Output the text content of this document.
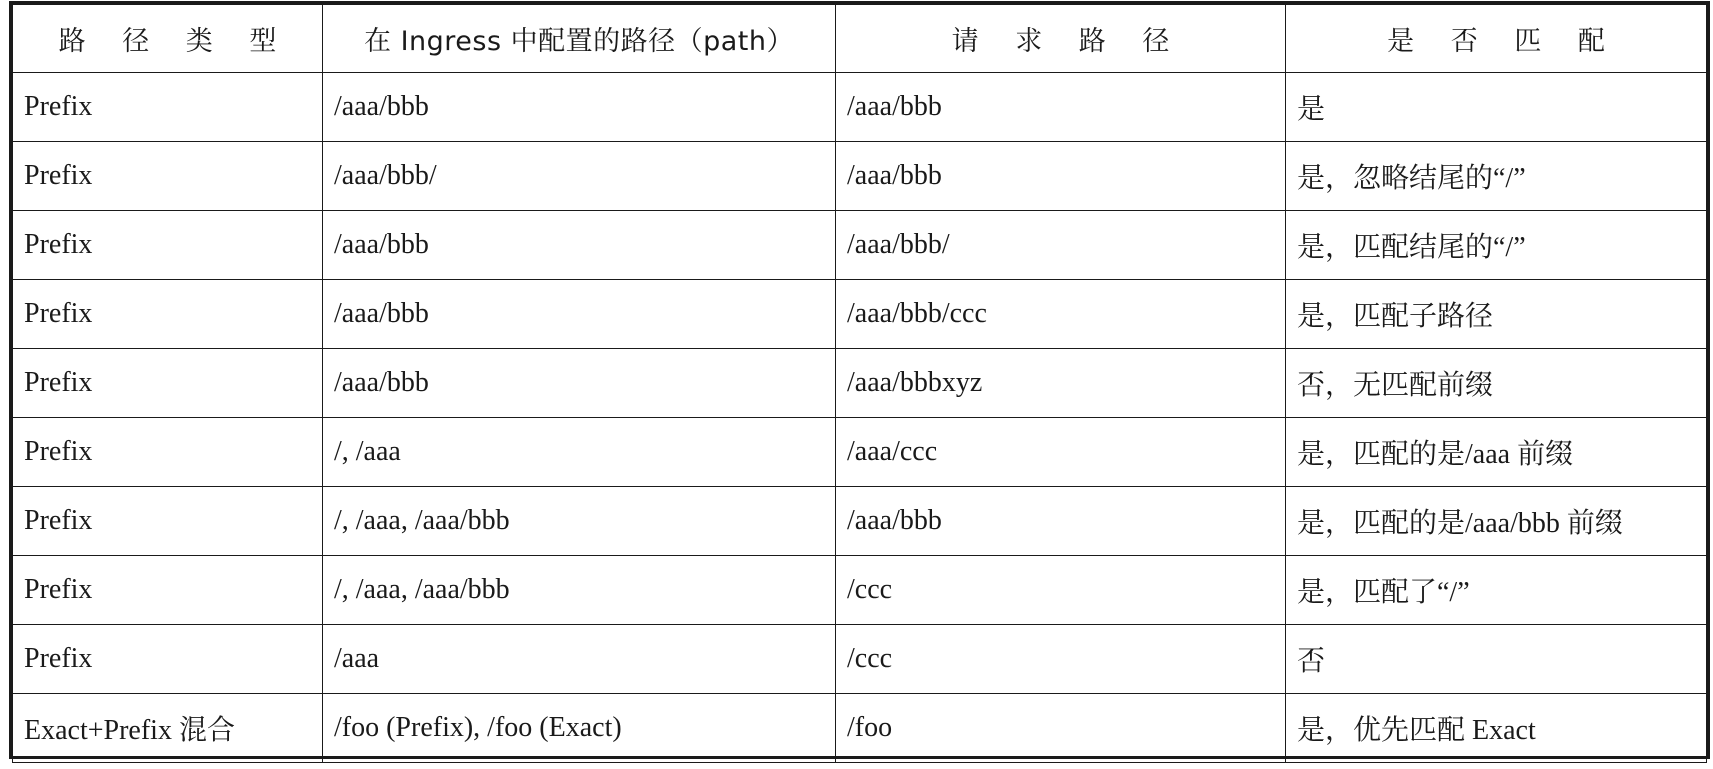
路 径 类 型	在 Ingress 中配置的路径（path）	请 求 路 径	是 否 匹 配
Prefix	/aaa/bbb	/aaa/bbb	是
Prefix	/aaa/bbb/	/aaa/bbb	是，忽略结尾的“/”
Prefix	/aaa/bbb	/aaa/bbb/	是，匹配结尾的“/”
Prefix	/aaa/bbb	/aaa/bbb/ccc	是，匹配子路径
Prefix	/aaa/bbb	/aaa/bbbxyz	否，无匹配前缀
Prefix	/, /aaa	/aaa/ccc	是，匹配的是/aaa 前缀
Prefix	/, /aaa, /aaa/bbb	/aaa/bbb	是，匹配的是/aaa/bbb 前缀
Prefix	/, /aaa, /aaa/bbb	/ccc	是，匹配了“/”
Prefix	/aaa	/ccc	否
Exact+Prefix 混合	/foo (Prefix), /foo (Exact)	/foo	是，优先匹配 Exact
